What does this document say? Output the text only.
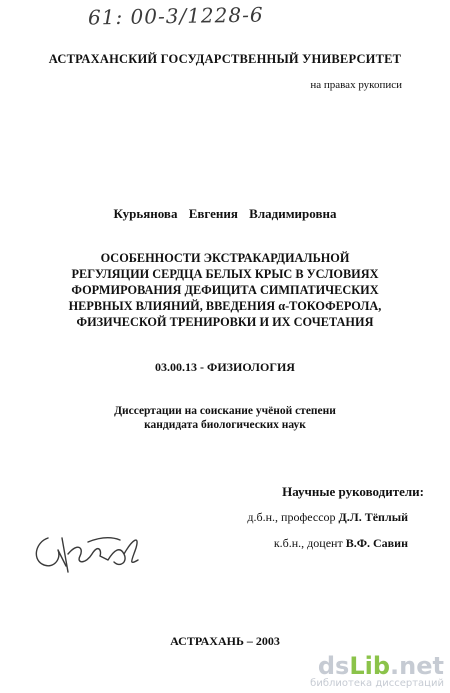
61: 00-3/1228-6
АСТРАХАНСКИЙ ГОСУДАРСТВЕННЫЙ УНИВЕРСИТЕТ
на правах рукописи
Курьянова Евгения Владимировна
ОСОБЕННОСТИ ЭКСТРАКАРДИАЛЬНОЙ
РЕГУЛЯЦИИ СЕРДЦА БЕЛЫХ КРЫС В УСЛОВИЯХ
ФОРМИРОВАНИЯ ДЕФИЦИТА СИМПАТИЧЕСКИХ
НЕРВНЫХ ВЛИЯНИЙ, ВВЕДЕНИЯ α-ТОКОФЕРОЛА,
ФИЗИЧЕСКОЙ ТРЕНИРОВКИ И ИХ СОЧЕТАНИЯ
03.00.13 - ФИЗИОЛОГИЯ
Диссертации на соискание учёной степени
кандидата биологических наук
Научные руководители:
д.б.н., профессор Д.Л. Тёплый
к.б.н., доцент В.Ф. Савин
АСТРАХАНЬ – 2003
dsLib.net
библиотека диссертаций
